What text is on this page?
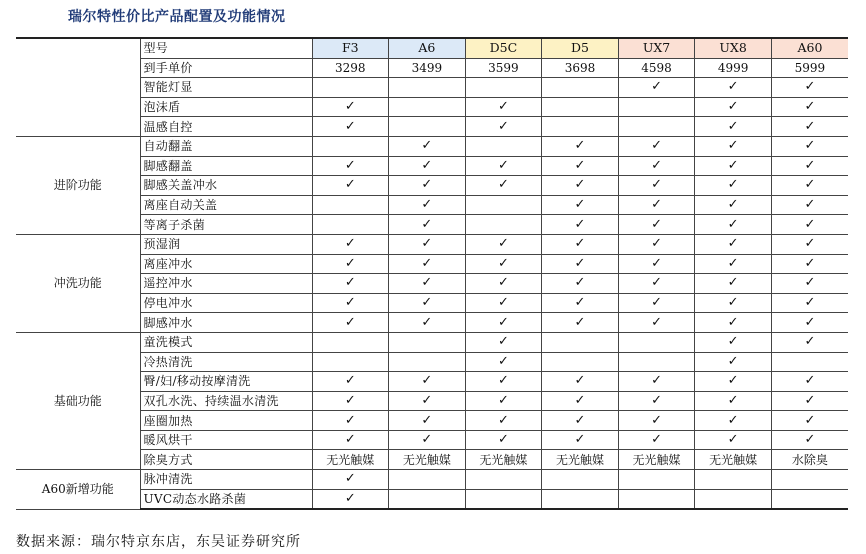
瑞尔特性价比产品配置及功能情况
	型号	F3	A6	D5C	D5	UX7	UX8	A60
	到手单价	3298	3499	3599	3698	4598	4999	5999
	智能灯显					✓	✓	✓
	泡沫盾	✓		✓			✓	✓
	温感自控	✓		✓			✓	✓
进阶功能	自动翻盖		✓		✓	✓	✓	✓
	脚感翻盖	✓	✓	✓	✓	✓	✓	✓
	脚感关盖冲水	✓	✓	✓	✓	✓	✓	✓
	离座自动关盖		✓		✓	✓	✓	✓
	等离子杀菌		✓		✓	✓	✓	✓
冲洗功能	预湿润	✓	✓	✓	✓	✓	✓	✓
	离座冲水	✓	✓	✓	✓	✓	✓	✓
	遥控冲水	✓	✓	✓	✓	✓	✓	✓
	停电冲水	✓	✓	✓	✓	✓	✓	✓
	脚感冲水	✓	✓	✓	✓	✓	✓	✓
基础功能	童洗模式			✓			✓	✓
	冷热清洗			✓			✓	
	臀/妇/移动按摩清洗	✓	✓	✓	✓	✓	✓	✓
	双孔水洗、持续温水清洗	✓	✓	✓	✓	✓	✓	✓
	座圈加热	✓	✓	✓	✓	✓	✓	✓
	暖风烘干	✓	✓	✓	✓	✓	✓	✓
	除臭方式	无光触媒	无光触媒	无光触媒	无光触媒	无光触媒	无光触媒	水除臭
A60新增功能	脉冲清洗	✓						
	UVC动态水路杀菌	✓						
数据来源：瑞尔特京东店，东吴证券研究所
